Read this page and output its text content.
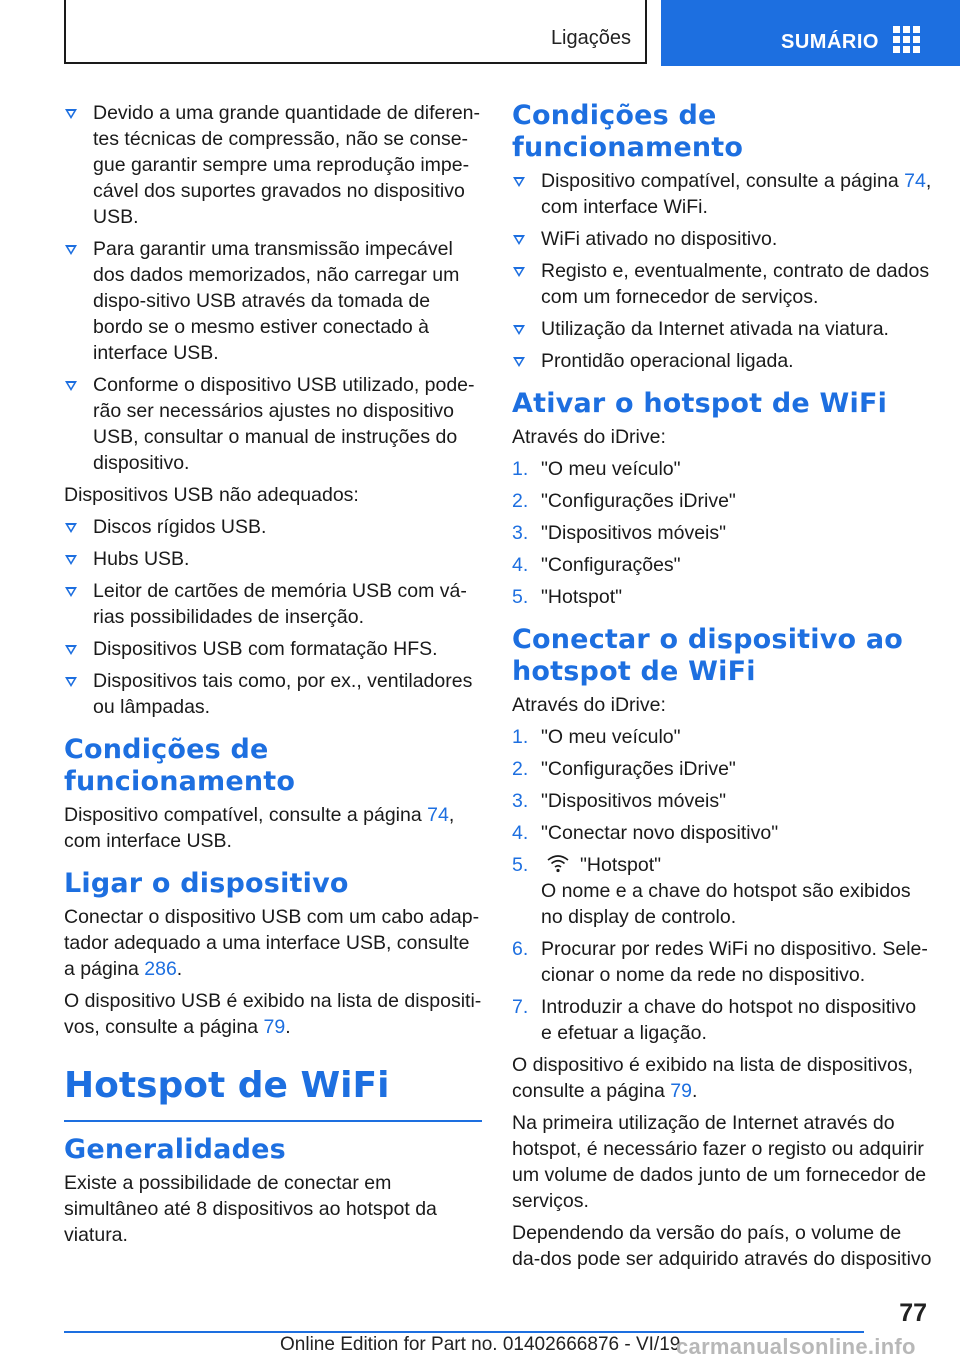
Ligações	SUMÁRIO
Devido a uma grande quantidade de diferen-tes técnicas de compressão, não se conse-gue garantir sempre uma reprodução impe-cável dos suportes gravados no dispositivo USB.
Para garantir uma transmissão impecável dos dados memorizados, não carregar um dispo-sitivo USB através da tomada de bordo se o mesmo estiver conectado à interface USB.
Conforme o dispositivo USB utilizado, pode-rão ser necessários ajustes no dispositivo USB, consultar o manual de instruções do dispositivo.

Dispositivos USB não adequados:

Discos rígidos USB.
Hubs USB.
Leitor de cartões de memória USB com vá-rias possibilidades de inserção.
Dispositivos USB com formatação HFS.
Dispositivos tais como, por ex., ventiladores ou lâmpadas.
Condições de funcionamento

Dispositivo compatível, consulte a página 74, com interface USB.

Ligar o dispositivo

Conectar o dispositivo USB com um cabo adap-tador adequado a uma interface USB, consulte a página 286.

O dispositivo USB é exibido na lista de dispositi-vos, consulte a página 79.

Hotspot de WiFi
Generalidades

Existe a possibilidade de conectar em simultâneo até 8 dispositivos ao hotspot da viatura.

Condições de funcionamento
Dispositivo compatível, consulte a página 74, com interface WiFi.
WiFi ativado no dispositivo.
Registo e, eventualmente, contrato de dados com um fornecedor de serviços.
Utilização da Internet ativada na viatura.
Prontidão operacional ligada.
Ativar o hotspot de WiFi

Através do iDrive:

1. "O meu veículo"
2. "Configurações iDrive"
3. "Dispositivos móveis"
4. "Configurações"
5. "Hotspot"
Conectar o dispositivo ao hotspot de WiFi

Através do iDrive:

1. "O meu veículo"
2. "Configurações iDrive"
3. "Dispositivos móveis"
4. "Conectar novo dispositivo"
5.	"Hotspot"
O nome e a chave do hotspot são exibidos no display de controlo.
6. Procurar por redes WiFi no dispositivo. Sele-cionar o nome da rede no dispositivo.
7. Introduzir a chave do hotspot no dispositivo e efetuar a ligação.

O dispositivo é exibido na lista de dispositivos, consulte a página 79.

Na primeira utilização de Internet através do hotspot, é necessário fazer o registo ou adquirir um volume de dados junto de um fornecedor de serviços.

Dependendo da versão do país, o volume de da-dos pode ser adquirido através do dispositivo

77
Online Edition for Part no. 01402666876 - VI/19
carmanualsonline.info
